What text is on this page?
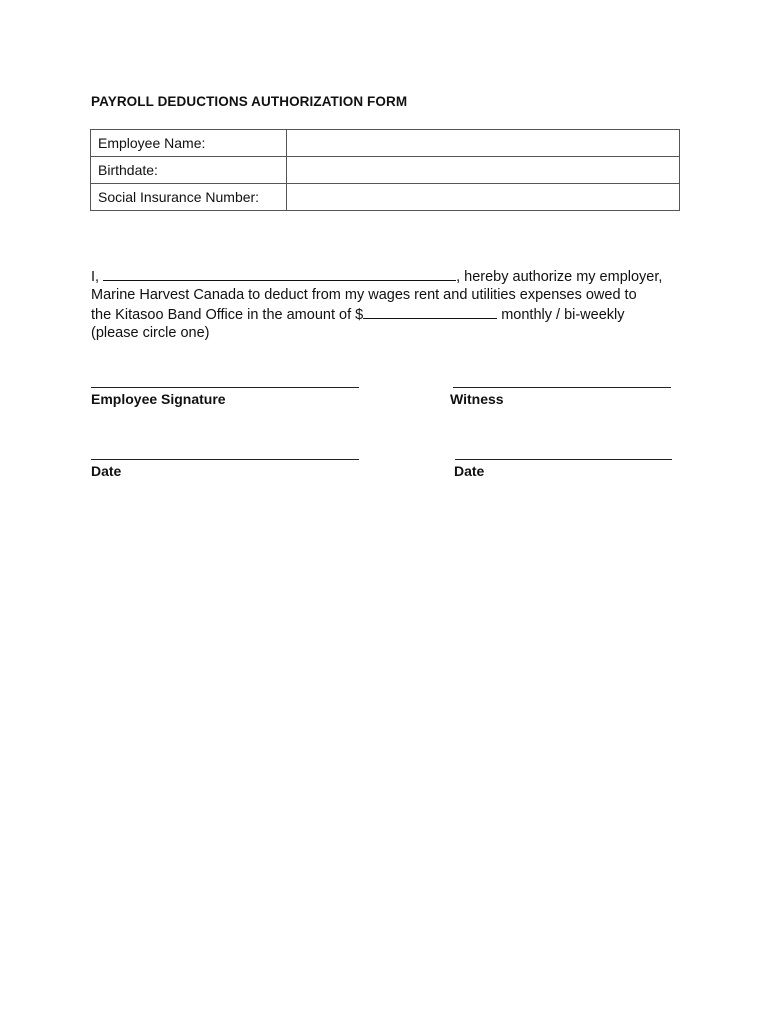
PAYROLL DEDUCTIONS AUTHORIZATION FORM
Employee Name:	
Birthdate:	
Social Insurance Number:	
I,	, hereby authorize my employer,
Marine Harvest Canada to deduct from my wages rent and utilities expenses owed to
the Kitasoo Band Office in the amount of $	monthly / bi-weekly
(please circle one)
Employee Signature	Witness
Date	Date
